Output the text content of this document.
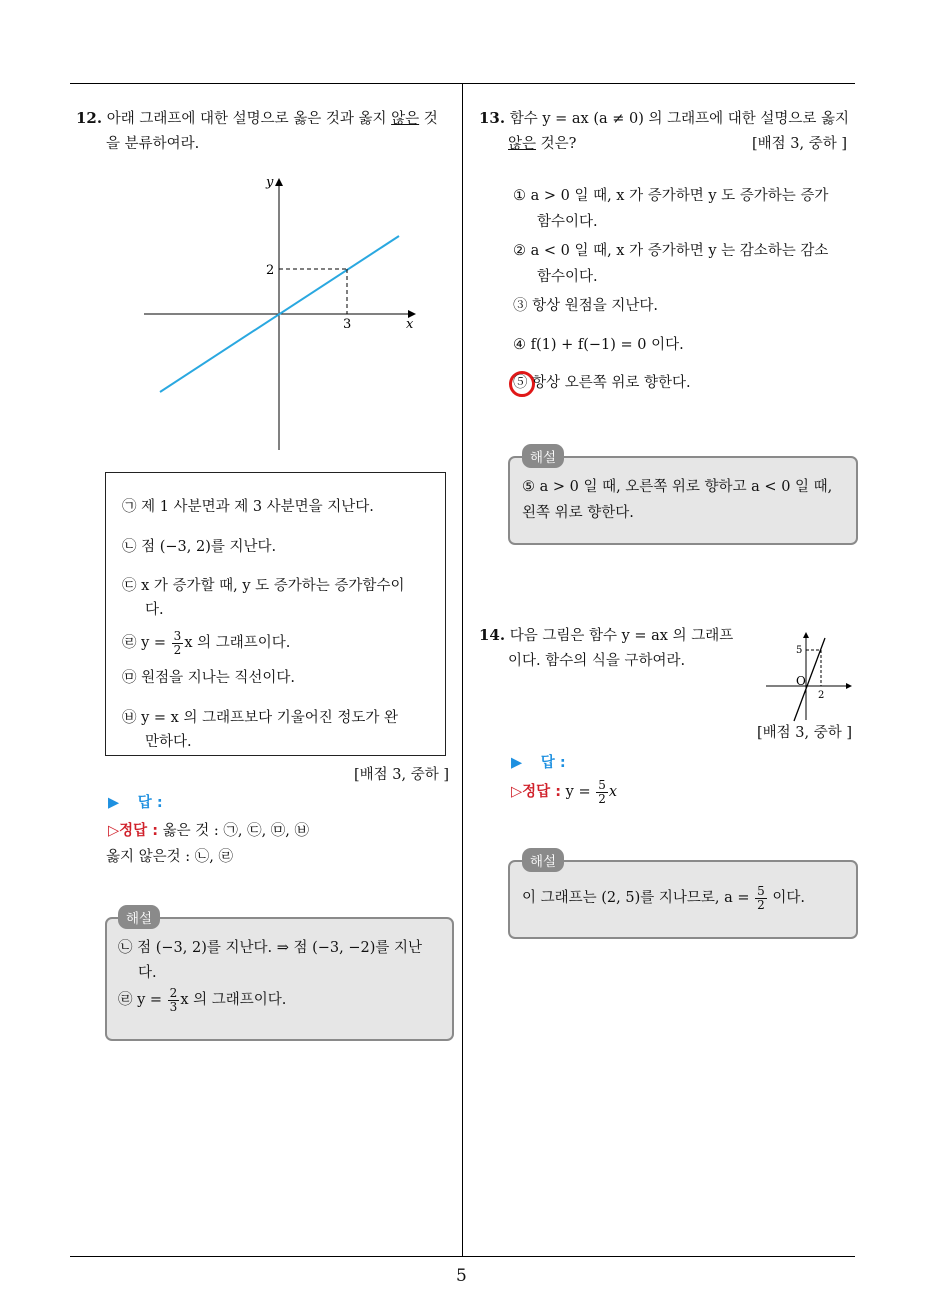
5
12. 아래 그래프에 대한 설명으로 옳은 것과 옳지 않은 것
을 분류하여라.
y
x
2
3
㉠ 제 1 사분면과 제 3 사분면을 지난다.
㉡ 점 (−3, 2)를 지난다.
㉢ x 가 증가할 때, y 도 증가하는 증가함수이
다.
㉣ $y = \frac{3}{2}$ x 의 그래프이다.
㉤ 원점을 지나는 직선이다.
㉥ y = x 의 그래프보다 기울어진 정도가 완
만하다.
[배점 3, 중하 ]
▶ 답 :
▷정답 : 옳은 것 : ㉠, ㉢, ㉤, ㉥
옳지 않은것 : ㉡, ㉣
해설
㉡ 점 (−3, 2)를 지난다. ⇒ 점 (−3, −2)를 지난
다.
㉣ $y = \frac{2}{3}$ x 의 그래프이다.
13. 함수 y = ax (a ≠ 0) 의 그래프에 대한 설명으로 옳지
않은 것은?	[배점 3, 중하 ]
① a > 0 일 때, x 가 증가하면 y 도 증가하는 증가
함수이다.
② a < 0 일 때, x 가 증가하면 y 는 감소하는 감소
함수이다.
③ 항상 원점을 지난다.
④ f(1) + f(−1) = 0 이다.
⑤ 항상 오른쪽 위로 향한다.
해설
⑤ a > 0 일 때, 오른쪽 위로 향하고 a < 0 일 때,
왼쪽 위로 향한다.
14. 다음 그림은 함수 y = ax 의 그래프
이다. 함수의 식을 구하여라.
5
O
2
[배점 3, 중하 ]
▶ 답 :
▷정답 : $y = \frac{5}{2}$ x
해설
이 그래프는 (2, 5)를 지나므로, $a = \frac{5}{2}$ 이다.
